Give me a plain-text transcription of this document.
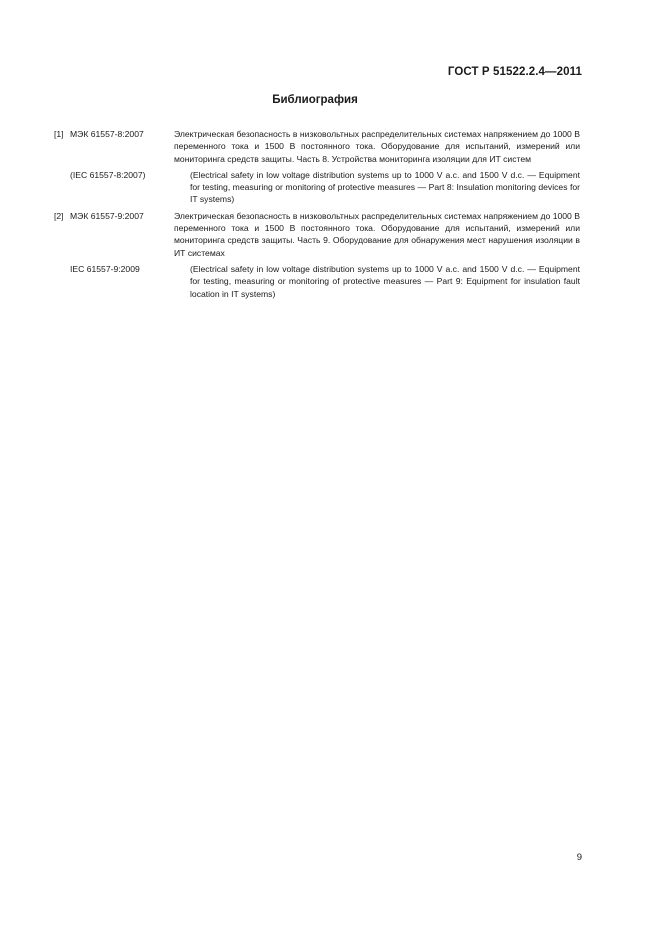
ГОСТ Р 51522.2.4—2011
Библиография
[1] МЭК 61557-8:2007	Электрическая безопасность в низковольтных распределительных системах напряжением до 1000 В переменного тока и 1500 В постоянного тока. Оборудование для испытаний, измерений или мониторинга средств защиты. Часть 8. Устройства мониторинга изоляции для ИТ систем
(IEC 61557-8:2007)	(Electrical safety in low voltage distribution systems up to 1000 V a.c. and 1500 V d.c. — Equipment for testing, measuring or monitoring of protective measures — Part 8: Insulation monitoring devices for IT systems)
[2] МЭК 61557-9:2007	Электрическая безопасность в низковольтных распределительных системах напряжением до 1000 В переменного тока и 1500 В постоянного тока. Оборудование для испытаний, измерений или мониторинга средств защиты. Часть 9. Оборудование для обнаружения мест нарушения изоляции в ИТ системах
IEC 61557-9:2009	(Electrical safety in low voltage distribution systems up to 1000 V a.c. and 1500 V d.c. — Equipment for testing, measuring or monitoring of protective measures — Part 9: Equipment for insulation fault location in IT systems)
9
